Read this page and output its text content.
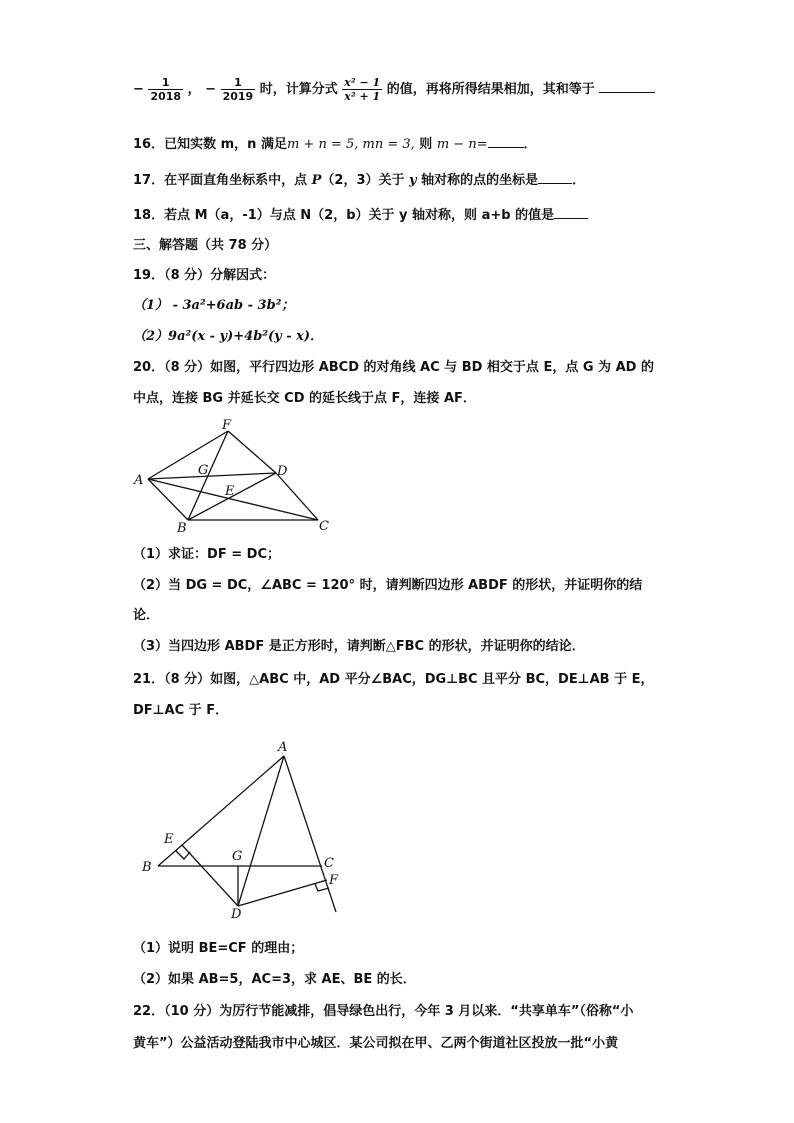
− $\frac{1}{2018}$ ， − $\frac{1}{2019}$ 时，计算分式 $\frac{\text{x² − 1}}{\text{x² + 1}}$ 的值，再将所得结果相加，其和等于
16．已知实数 m，n 满足m + n = 5, mn = 3, 则 m − n=	．
17．在平面直角坐标系中，点 P（2，3）关于 y 轴对称的点的坐标是	．
18．若点 M（a，-1）与点 N（2，b）关于 y 轴对称，则 a+b 的值是
三、解答题（共 78 分）
19．（8 分）分解因式：
（1） - 3a²+6ab - 3b²；
（2）9a²(x - y)+4b²(y - x)．
20．（8 分）如图，平行四边形 ABCD 的对角线 AC 与 BD 相交于点 E，点 G 为 AD 的
中点，连接 BG 并延长交 CD 的延长线于点 F，连接 AF．
F
A
G	D
E
B	C
（1）求证：DF = DC；
（2）当 DG = DC，∠ABC = 120° 时，请判断四边形 ABDF 的形状，并证明你的结
论．
（3）当四边形 ABDF 是正方形时，请判断△FBC 的形状，并证明你的结论．
21．（8 分）如图，△ABC 中，AD 平分∠BAC，DG⊥BC 且平分 BC，DE⊥AB 于 E，
DF⊥AC 于 F．
A
E
G
B	C
F
D
（1）说明 BE=CF 的理由；
（2）如果 AB=5，AC=3，求 AE、BE 的长．
22．（10 分）为厉行节能减排，倡导绿色出行，今年 3 月以来．“共享单车”（俗称“小
黄车”）公益活动登陆我市中心城区．某公司拟在甲、乙两个街道社区投放一批“小黄
